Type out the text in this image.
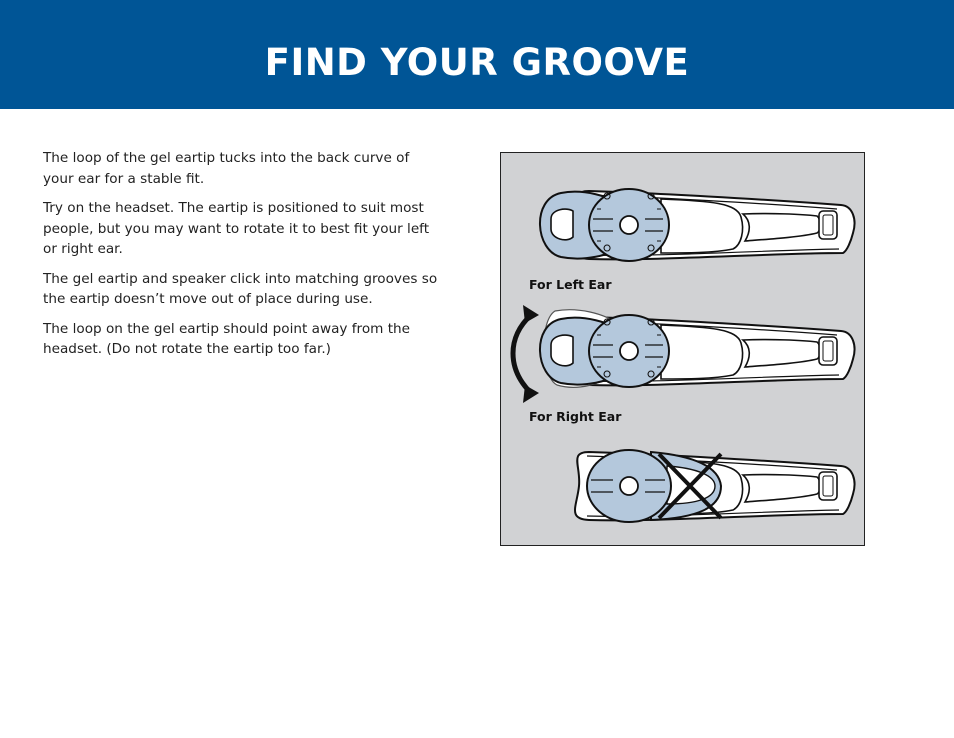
FIND YOUR GROOVE

The loop of the gel eartip tucks into the back curve of your ear for a stable fit.

Try on the headset. The eartip is positioned to suit most people, but you may want to rotate it to best fit your left or right ear.

The gel eartip and speaker click into matching grooves so the eartip doesn’t move out of place during use.

The loop on the gel eartip should point away from the headset. (Do not rotate the eartip too far.)

For Left Ear
For Right Ear
